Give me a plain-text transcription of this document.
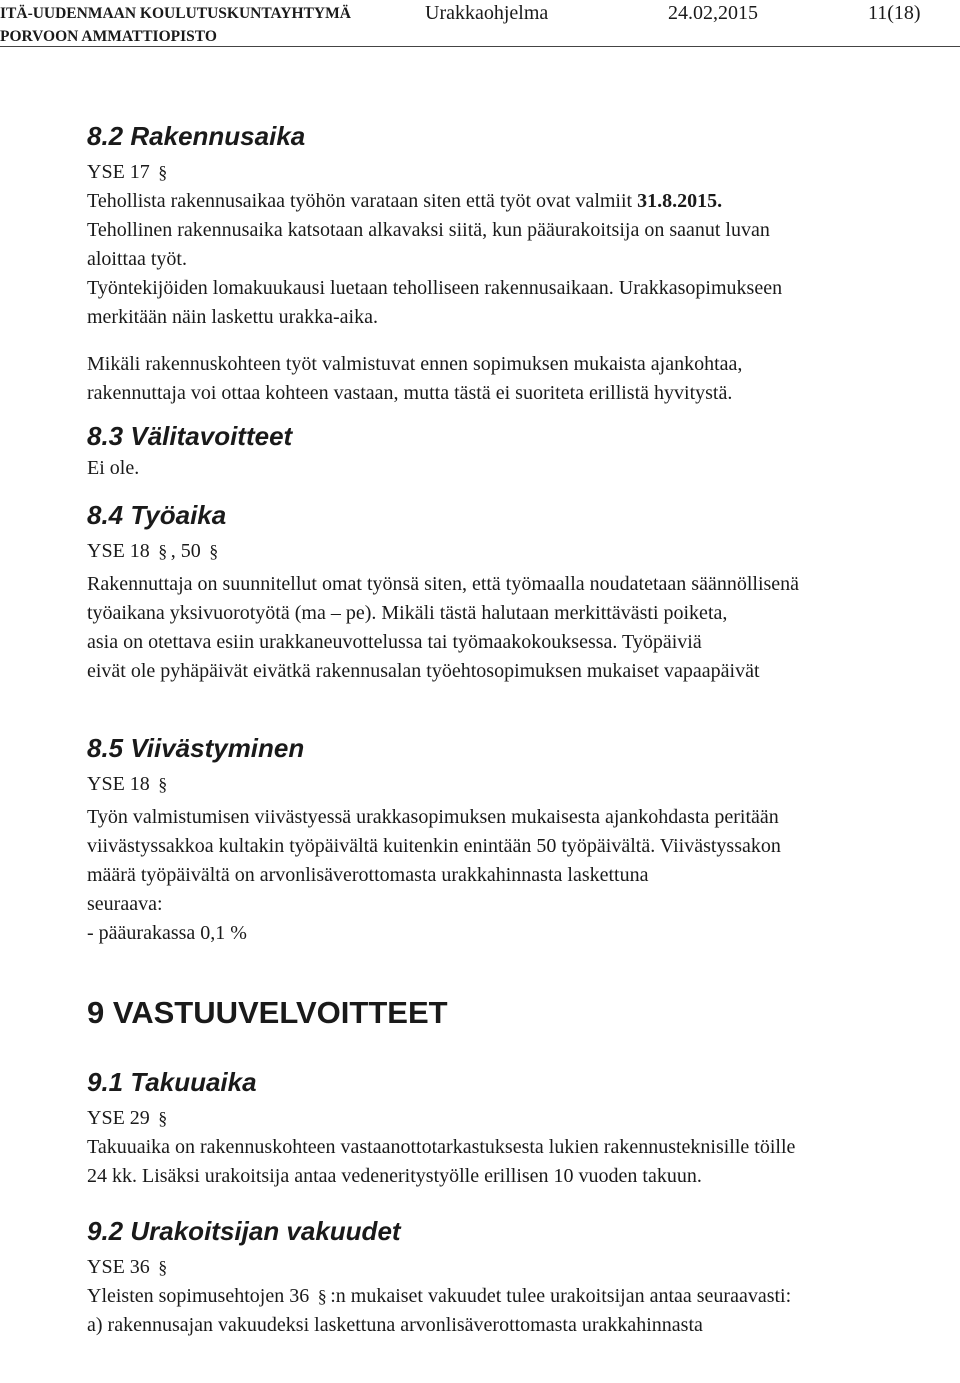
ITÄ-UUDENMAAN KOULUTUSKUNTAYHTYMÄ
PORVOON AMMATTIOPISTO
Urakkaohjelma	24.02,2015	11(18)
8.2 Rakennusaika

YSE 17 §

Tehollista rakennusaikaa työhön varataan siten että työt ovat valmiit 31.8.2015.

Tehollinen rakennusaika katsotaan alkavaksi siitä, kun pääurakoitsija on saanut luvan

aloittaa työt.

Työntekijöiden lomakuukausi luetaan teholliseen rakennusaikaan. Urakkasopimukseen

merkitään näin laskettu urakka-aika.

Mikäli rakennuskohteen työt valmistuvat ennen sopimuksen mukaista ajankohtaa,

rakennuttaja voi ottaa kohteen vastaan, mutta tästä ei suoriteta erillistä hyvitystä.

8.3 Välitavoitteet

Ei ole.

8.4 Työaika

YSE 18 § , 50 §

Rakennuttaja on suunnitellut omat työnsä siten, että työmaalla noudatetaan säännöllisenä

työaikana yksivuorotyötä (ma – pe). Mikäli tästä halutaan merkittävästi poiketa,

asia on otettava esiin urakkaneuvottelussa tai työmaakokouksessa. Työpäiviä

eivät ole pyhäpäivät eivätkä rakennusalan työehtosopimuksen mukaiset vapaapäivät

8.5 Viivästyminen

YSE 18 §

Työn valmistumisen viivästyessä urakkasopimuksen mukaisesta ajankohdasta peritään

viivästyssakkoa kultakin työpäivältä kuitenkin enintään 50 työpäivältä. Viivästyssakon

määrä työpäivältä on arvonlisäverottomasta urakkahinnasta laskettuna

seuraava:

- pääurakassa 0,1 %

9 VASTUUVELVOITTEET
9.1 Takuuaika

YSE 29 §

Takuuaika on rakennuskohteen vastaanottotarkastuksesta lukien rakennusteknisille töille

24 kk. Lisäksi urakoitsija antaa vedeneritystyölle erillisen 10 vuoden takuun.

9.2 Urakoitsijan vakuudet

YSE 36 §

Yleisten sopimusehtojen 36 § :n mukaiset vakuudet tulee urakoitsijan antaa seuraavasti:

a) rakennusajan vakuudeksi laskettuna arvonlisäverottomasta urakkahinnasta
